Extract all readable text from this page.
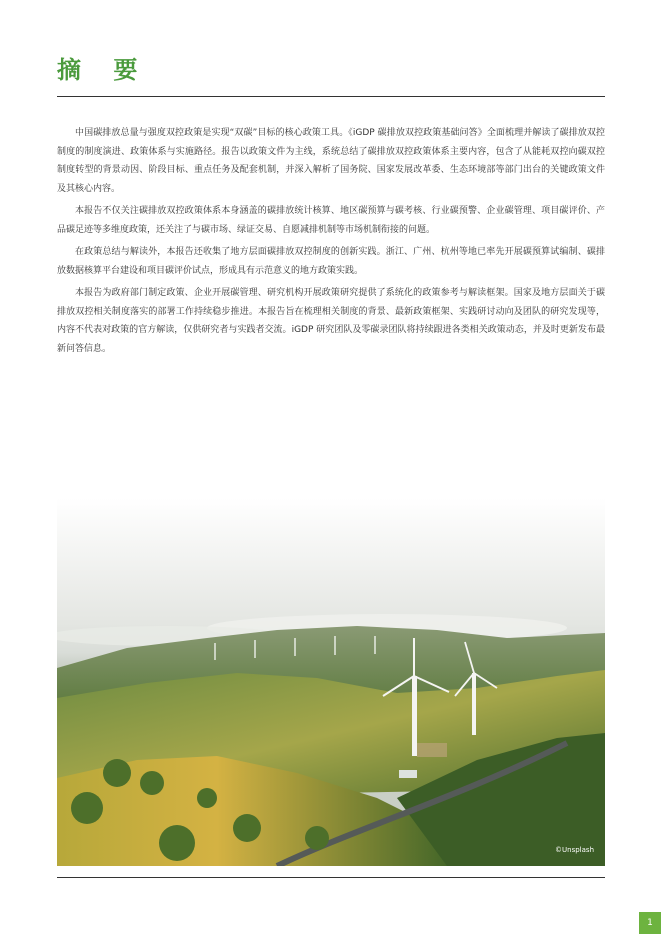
摘 要

中国碳排放总量与强度双控政策是实现“双碳”目标的核心政策工具。《iGDP 碳排放双控政策基础问答》全面梳理并解读了碳排放双控制度的制度演进、政策体系与实施路径。报告以政策文件为主线，系统总结了碳排放双控政策体系主要内容，包含了从能耗双控向碳双控制度转型的背景动因、阶段目标、重点任务及配套机制，并深入解析了国务院、国家发展改革委、生态环境部等部门出台的关键政策文件及其核心内容。

本报告不仅关注碳排放双控政策体系本身涵盖的碳排放统计核算、地区碳预算与碳考核、行业碳预警、企业碳管理、项目碳评价、产品碳足迹等多维度政策，还关注了与碳市场、绿证交易、自愿减排机制等市场机制衔接的问题。

在政策总结与解读外，本报告还收集了地方层面碳排放双控制度的创新实践。浙江、广州、杭州等地已率先开展碳预算试编制、碳排放数据核算平台建设和项目碳评价试点，形成具有示范意义的地方政策实践。

本报告为政府部门制定政策、企业开展碳管理、研究机构开展政策研究提供了系统化的政策参考与解读框架。国家及地方层面关于碳排放双控相关制度落实的部署工作持续稳步推进。本报告旨在梳理相关制度的背景、最新政策框架、实践研讨动向及团队的研究发现等，内容不代表对政策的官方解读，仅供研究者与实践者交流。iGDP 研究团队及零碳录团队将持续跟进各类相关政策动态，并及时更新发布最新问答信息。

©Unsplash
1
